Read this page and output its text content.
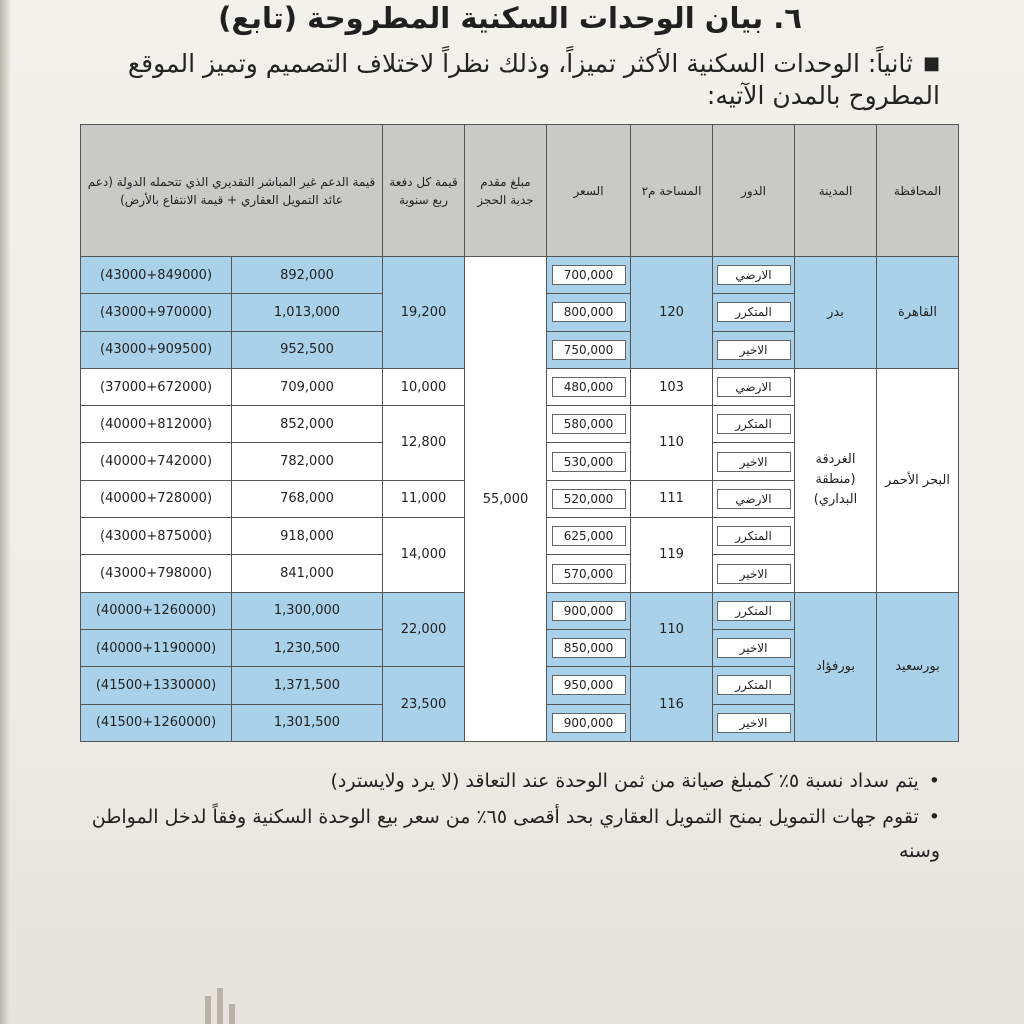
٦. بيان الوحدات السكنية المطروحة (تابع)
■ثانياً: الوحدات السكنية الأكثر تميزاً، وذلك نظراً لاختلاف التصميم وتميز الموقع المطروح بالمدن الآتيه:
المحافظة	المدينة	الدور	المساحة م٢	السعر	مبلغ مقدم جدية الحجز	قيمة كل دفعة ربع سنوية	قيمة الدعم غير المباشر التقديري الذي تتحمله الدولة (دعم عائد التمويل العقاري + قيمة الانتفاع بالأرض)	
القاهرة	بدر	الارضي	120	700,000	55,000	19,200	892,000	(43000+849000)
		المتكرر		800,000			1,013,000	(43000+970000)
		الاخير		750,000			952,500	(43000+909500)
البحر الأحمر	الغردقة (منطقة البداري)	الارضي	103	480,000		10,000	709,000	(37000+672000)
		المتكرر	110	580,000		12,800	852,000	(40000+812000)
		الاخير		530,000			782,000	(40000+742000)
		الارضي	111	520,000		11,000	768,000	(40000+728000)
		المتكرر	119	625,000		14,000	918,000	(43000+875000)
		الاخير		570,000			841,000	(43000+798000)
بورسعيد	بورفؤاد	المتكرر	110	900,000		22,000	1,300,000	(40000+1260000)
		الاخير		850,000			1,230,500	(40000+1190000)
		المتكرر	116	950,000		23,500	1,371,500	(41500+1330000)
		الاخير		900,000			1,301,500	(41500+1260000)
•يتم سداد نسبة ٥٪ كمبلغ صيانة من ثمن الوحدة عند التعاقد (لا يرد ولايسترد)
•تقوم جهات التمويل بمنح التمويل العقاري بحد أقصى ٦٥٪ من سعر بيع الوحدة السكنية وفقاً لدخل المواطن وسنه
